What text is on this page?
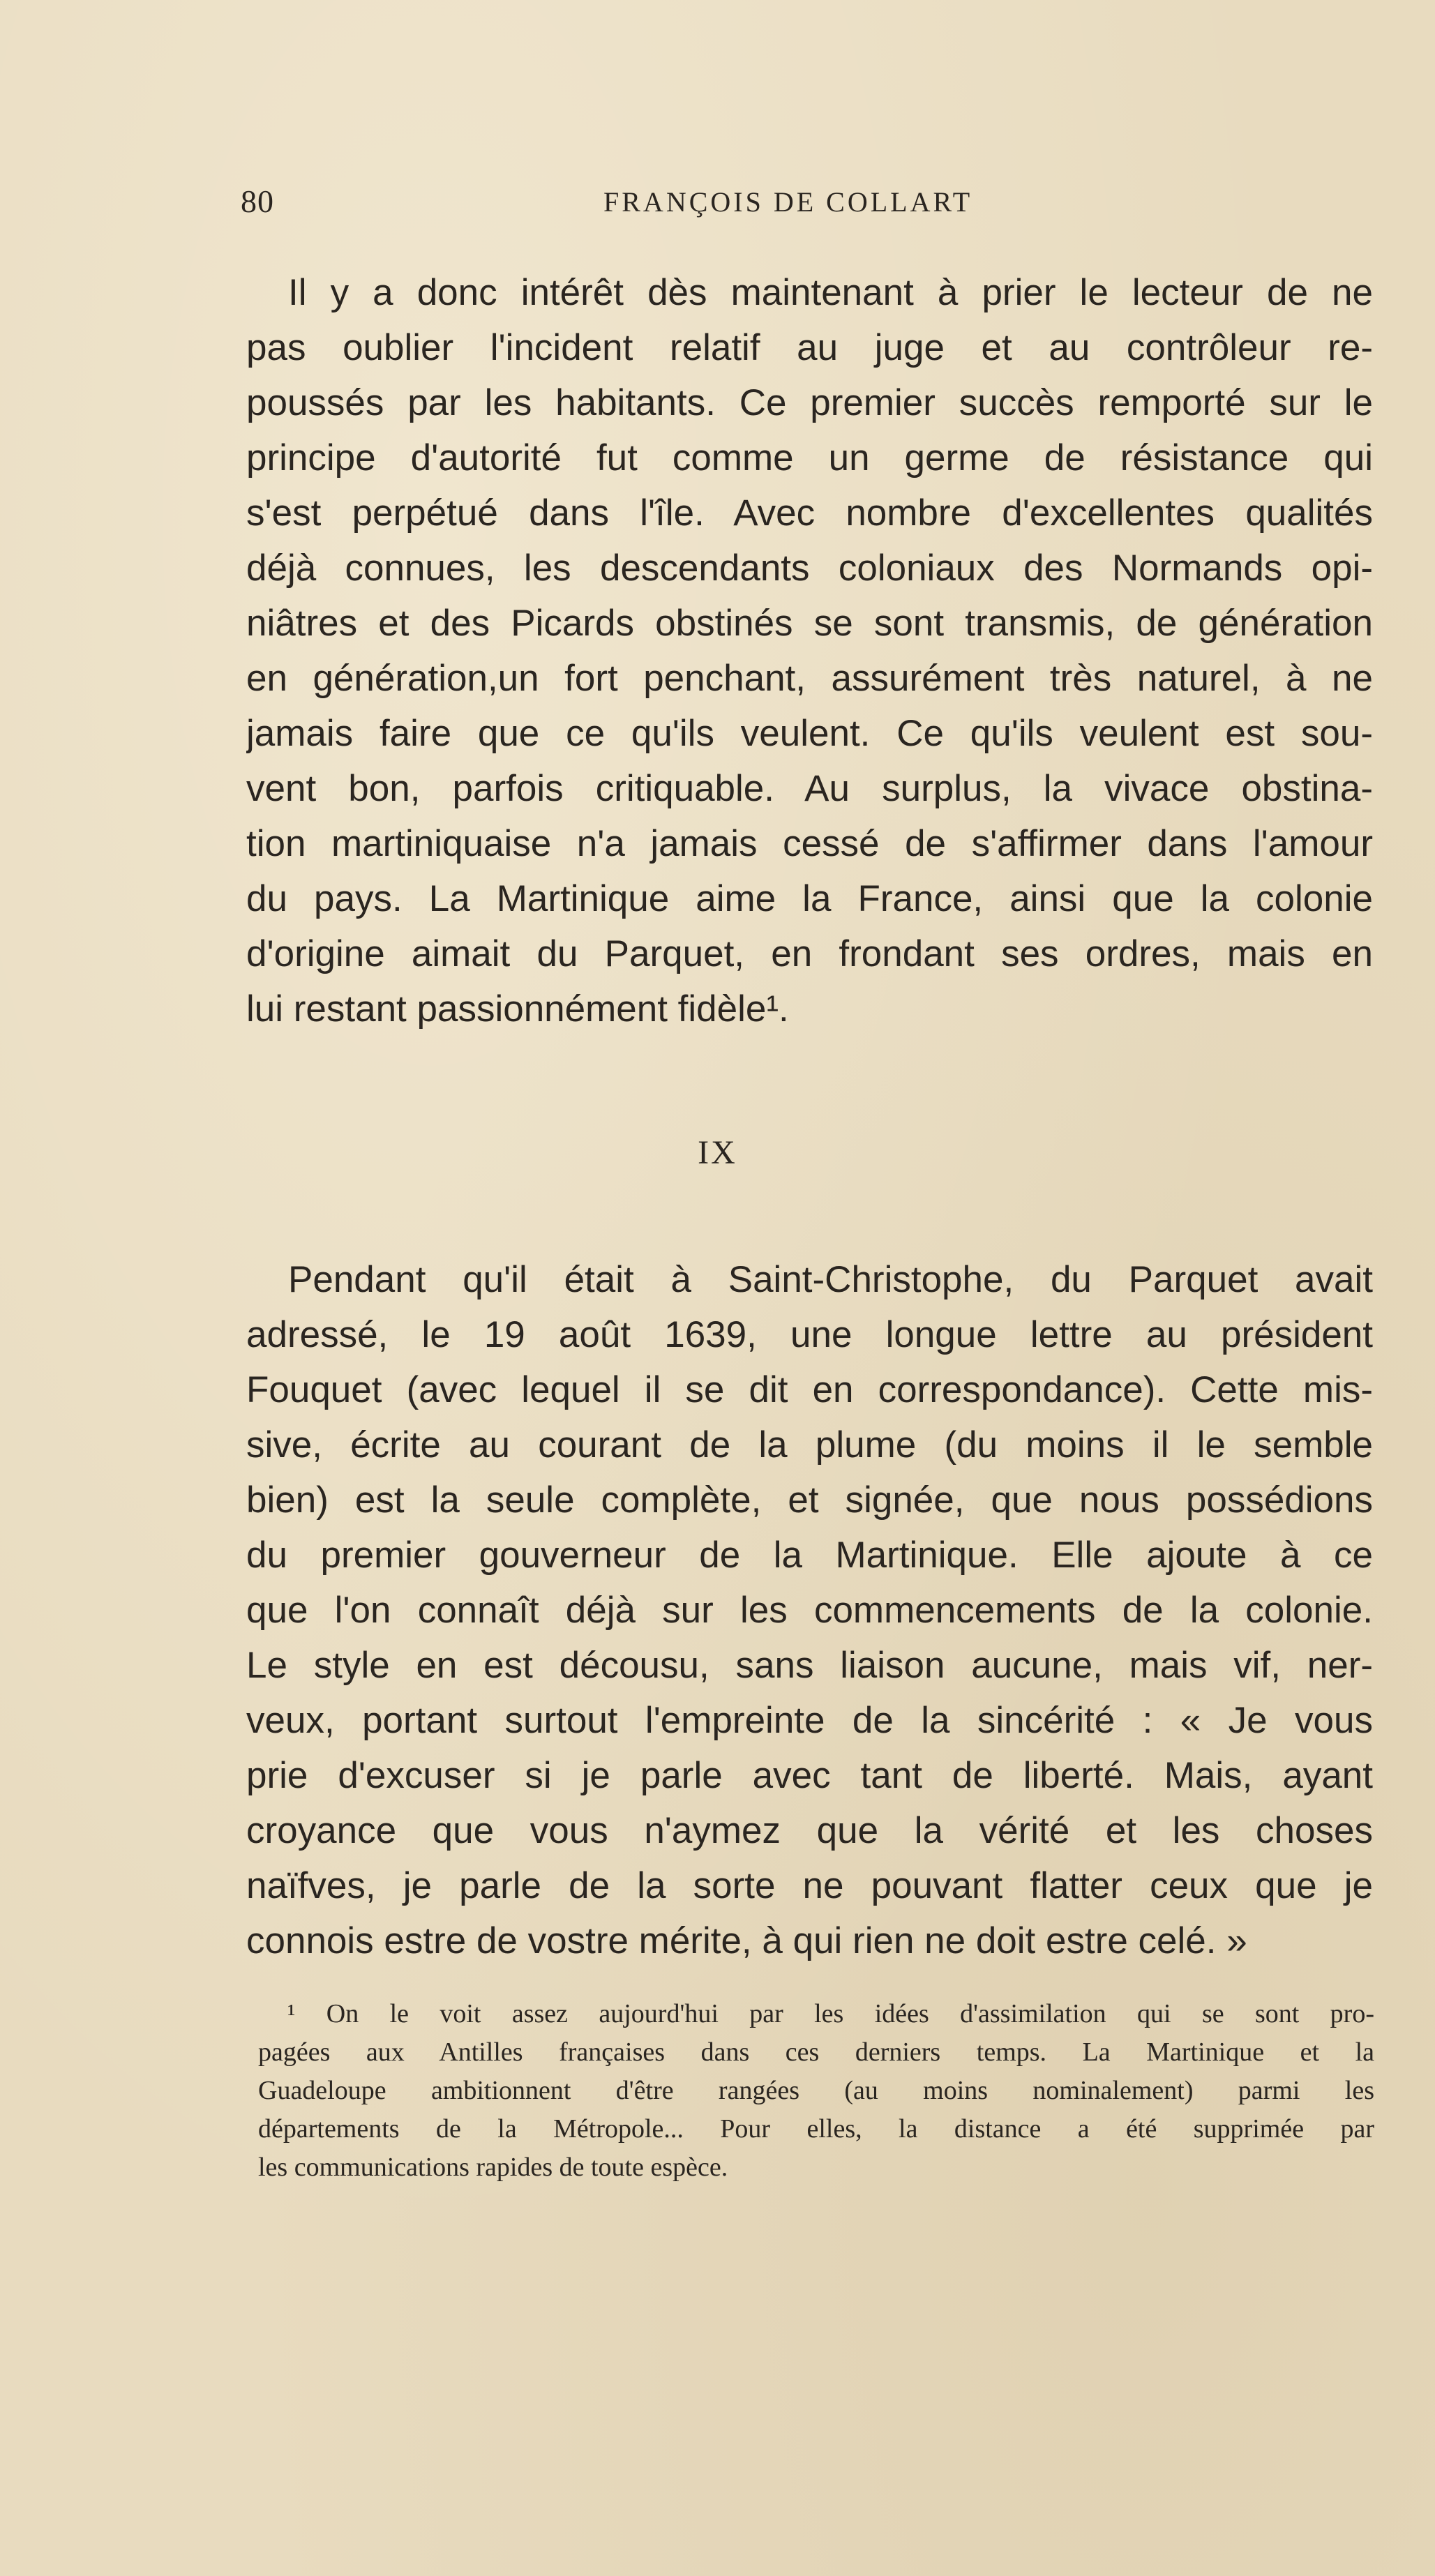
80	FRANÇOIS DE COLLART
Il y a donc intérêt dès maintenant à prier le lecteur de ne
pas oublier l'incident relatif au juge et au contrôleur re-
poussés par les habitants. Ce premier succès remporté sur le
principe d'autorité fut comme un germe de résistance qui
s'est perpétué dans l'île. Avec nombre d'excellentes qualités
déjà connues, les descendants coloniaux des Normands opi-
niâtres et des Picards obstinés se sont transmis, de génération
en génération,un fort penchant, assurément très naturel, à ne
jamais faire que ce qu'ils veulent. Ce qu'ils veulent est sou-
vent bon, parfois critiquable. Au surplus, la vivace obstina-
tion martiniquaise n'a jamais cessé de s'affirmer dans l'amour
du pays. La Martinique aime la France, ainsi que la colonie
d'origine aimait du Parquet, en frondant ses ordres, mais en
lui restant passionnément fidèle¹.
IX
Pendant qu'il était à Saint-Christophe, du Parquet avait
adressé, le 19 août 1639, une longue lettre au président
Fouquet (avec lequel il se dit en correspondance). Cette mis-
sive, écrite au courant de la plume (du moins il le semble
bien) est la seule complète, et signée, que nous possédions
du premier gouverneur de la Martinique. Elle ajoute à ce
que l'on connaît déjà sur les commencements de la colonie.
Le style en est décousu, sans liaison aucune, mais vif, ner-
veux, portant surtout l'empreinte de la sincérité : « Je vous
prie d'excuser si je parle avec tant de liberté. Mais, ayant
croyance que vous n'aymez que la vérité et les choses
naïfves, je parle de la sorte ne pouvant flatter ceux que je
connois estre de vostre mérite, à qui rien ne doit estre celé. »
¹ On le voit assez aujourd'hui par les idées d'assimilation qui se sont pro-
pagées aux Antilles françaises dans ces derniers temps. La Martinique et la
Guadeloupe ambitionnent d'être rangées (au moins nominalement) parmi les
départements de la Métropole... Pour elles, la distance a été supprimée par
les communications rapides de toute espèce.
